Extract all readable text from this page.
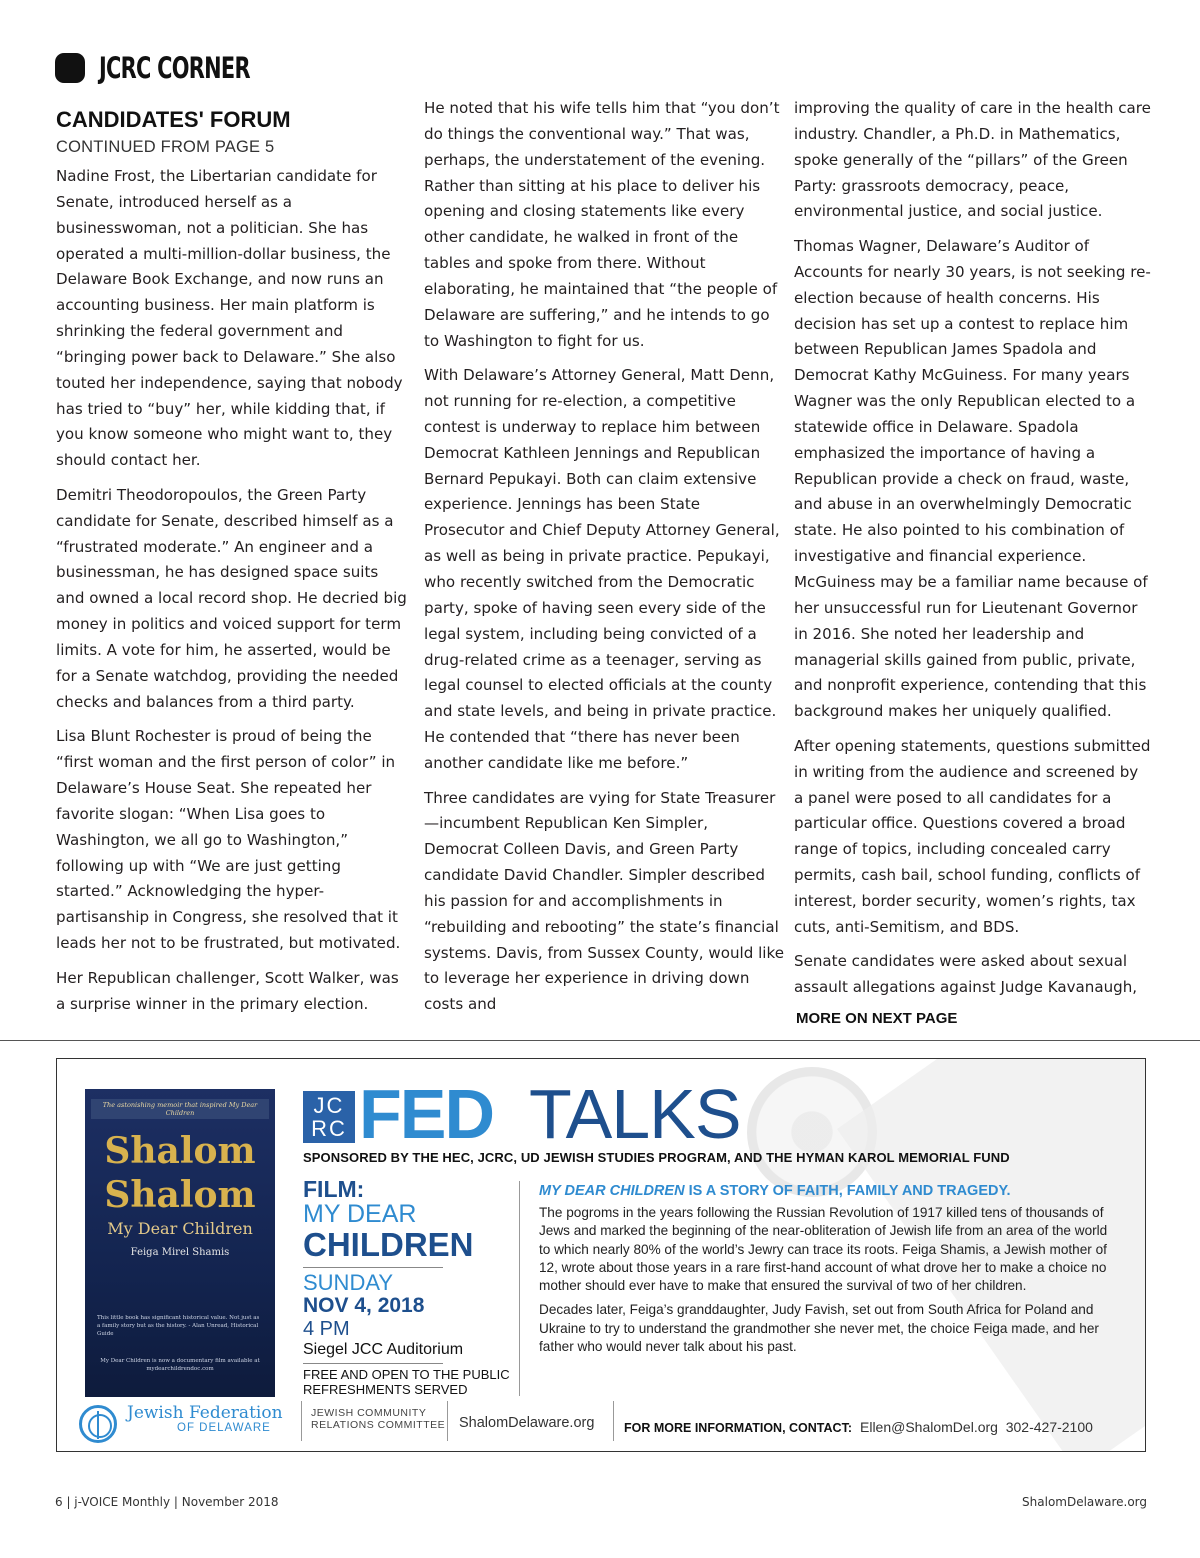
JCRC CORNER
CANDIDATES' FORUM
CONTINUED FROM PAGE 5

Nadine Frost, the Libertarian candidate for Senate, introduced herself as a businesswoman, not a politician. She has operated a multi-million-dollar business, the Delaware Book Exchange, and now runs an accounting business. Her main platform is shrinking the federal government and “bringing power back to Delaware.” She also touted her independence, saying that nobody has tried to “buy” her, while kidding that, if you know someone who might want to, they should contact her.

Demitri Theodoropoulos, the Green Party candidate for Senate, described himself as a “frustrated moderate.” An engineer and a businessman, he has designed space suits and owned a local record shop. He decried big money in politics and voiced support for term limits. A vote for him, he asserted, would be for a Senate watchdog, providing the needed checks and balances from a third party.

Lisa Blunt Rochester is proud of being the “first woman and the first person of color” in Delaware’s House Seat. She repeated her favorite slogan: “When Lisa goes to Washington, we all go to Washington,” following up with “We are just getting started.” Acknowledging the hyper-partisanship in Congress, she resolved that it leads her not to be frustrated, but motivated.

Her Republican challenger, Scott Walker, was a surprise winner in the primary election.

He noted that his wife tells him that “you don’t do things the conventional way.” That was, perhaps, the understatement of the evening. Rather than sitting at his place to deliver his opening and closing statements like every other candidate, he walked in front of the tables and spoke from there. Without elaborating, he maintained that “the people of Delaware are suffering,” and he intends to go to Washington to fight for us.

With Delaware’s Attorney General, Matt Denn, not running for re-election, a competitive contest is underway to replace him between Democrat Kathleen Jennings and Republican Bernard Pepukayi. Both can claim extensive experience. Jennings has been State Prosecutor and Chief Deputy Attorney General, as well as being in private practice. Pepukayi, who recently switched from the Democratic party, spoke of having seen every side of the legal system, including being convicted of a drug-related crime as a teenager, serving as legal counsel to elected officials at the county and state levels, and being in private practice. He contended that “there has never been another candidate like me before.”

Three candidates are vying for State Treasurer—incumbent Republican Ken Simpler, Democrat Colleen Davis, and Green Party candidate David Chandler. Simpler described his passion for and accomplishments in “rebuilding and rebooting” the state’s financial systems. Davis, from Sussex County, would like to leverage her experience in driving down costs and

improving the quality of care in the health care industry. Chandler, a Ph.D. in Mathematics, spoke generally of the “pillars” of the Green Party: grassroots democracy, peace, environmental justice, and social justice.

Thomas Wagner, Delaware’s Auditor of Accounts for nearly 30 years, is not seeking re-election because of health concerns. His decision has set up a contest to replace him between Republican James Spadola and Democrat Kathy McGuiness. For many years Wagner was the only Republican elected to a statewide office in Delaware. Spadola emphasized the importance of having a Republican provide a check on fraud, waste, and abuse in an overwhelmingly Democratic state. He also pointed to his combination of investigative and financial experience. McGuiness may be a familiar name because of her unsuccessful run for Lieutenant Governor in 2016. She noted her leadership and managerial skills gained from public, private, and nonprofit experience, contending that this background makes her uniquely qualified.

After opening statements, questions submitted in writing from the audience and screened by a panel were posed to all candidates for a particular office. Questions covered a broad range of topics, including concealed carry permits, cash bail, school funding, conflicts of interest, border security, women’s rights, tax cuts, anti-Semitism, and BDS.

Senate candidates were asked about sexual assault allegations against Judge Kavanaugh,

MORE ON NEXT PAGE
The astonishing memoir that inspired My Dear Children
Shalom Shalom
My Dear Children
Feiga Mirel Shamis
This little book has significant historical value. Not just as a family story but as the history. - Alan Unread, Historical Guide
My Dear Children is now a documentary film available at mydearchildrendoc.com
JC RC FED TALKS
SPONSORED BY THE HEC, JCRC, UD JEWISH STUDIES PROGRAM, AND THE HYMAN KAROL MEMORIAL FUND
FILM:
MY DEAR
CHILDREN
SUNDAY
NOV 4, 2018
4 PM
Siegel JCC Auditorium
FREE AND OPEN TO THE PUBLIC
REFRESHMENTS SERVED
MY DEAR CHILDREN IS A STORY OF FAITH, FAMILY AND TRAGEDY.

The pogroms in the years following the Russian Revolution of 1917 killed tens of thousands of Jews and marked the beginning of the near-obliteration of Jewish life from an area of the world to which nearly 80% of the world’s Jewry can trace its roots. Feiga Shamis, a Jewish mother of 12, wrote about those years in a rare first-hand account of what drove her to make a choice no mother should ever have to make that ensured the survival of two of her children.

Decades later, Feiga’s granddaughter, Judy Favish, set out from South Africa for Poland and Ukraine to try to understand the grandmother she never met, the choice Feiga made, and her father who would never talk about his past.

Jewish Federation
OF DELAWARE
JEWISH COMMUNITY
RELATIONS COMMITTEE ShalomDelaware.org FOR MORE INFORMATION, CONTACT: Ellen@ShalomDel.org 302-427-2100
6 | j-VOICE Monthly | November 2018	ShalomDelaware.org
